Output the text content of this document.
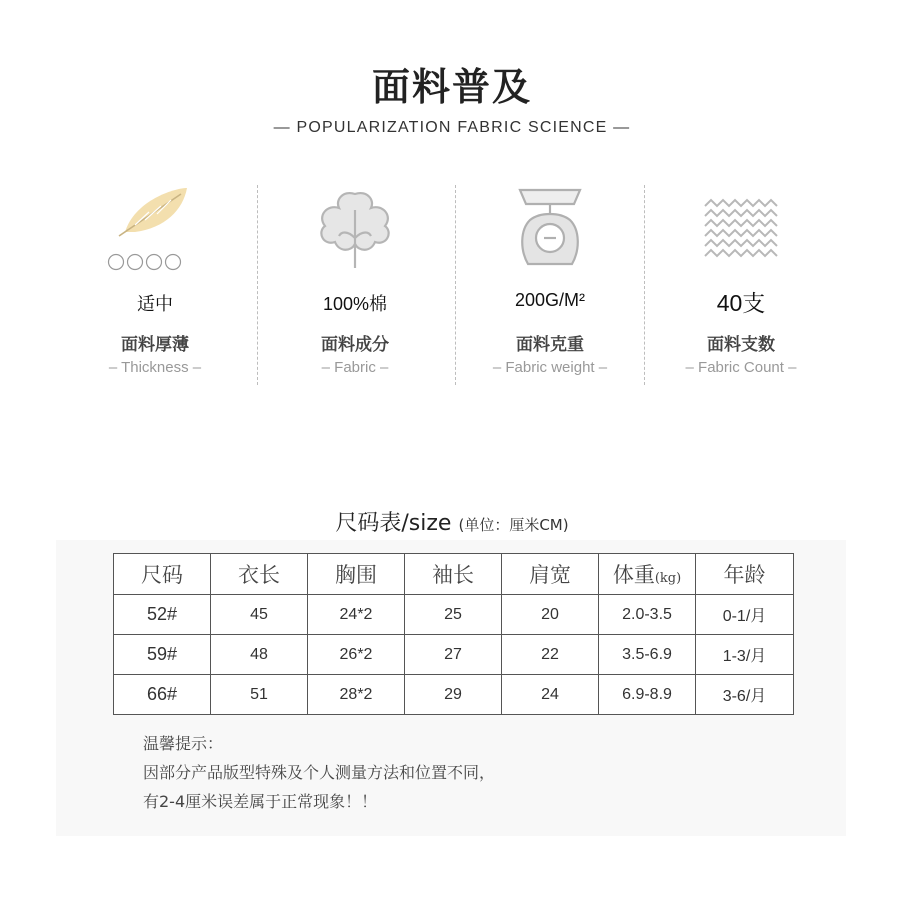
面料普及
— POPULARIZATION FABRIC SCIENCE —
适中
面料厚薄
– Thickness –
100%棉
面料成分
– Fabric –
200G/M²
面料克重
– Fabric weight –
40支
面料支数
– Fabric Count –
尺码表/size (单位：厘米CM)
尺码	衣长	胸围	袖长	肩宽	体重(kg)	年龄
52#	45	24*2	25	20	2.0-3.5	0-1/月
59#	48	26*2	27	22	3.5-6.9	1-3/月
66#	51	28*2	29	24	6.9-8.9	3-6/月
温馨提示：
因部分产品版型特殊及个人测量方法和位置不同，
有2-4厘米误差属于正常现象！！
